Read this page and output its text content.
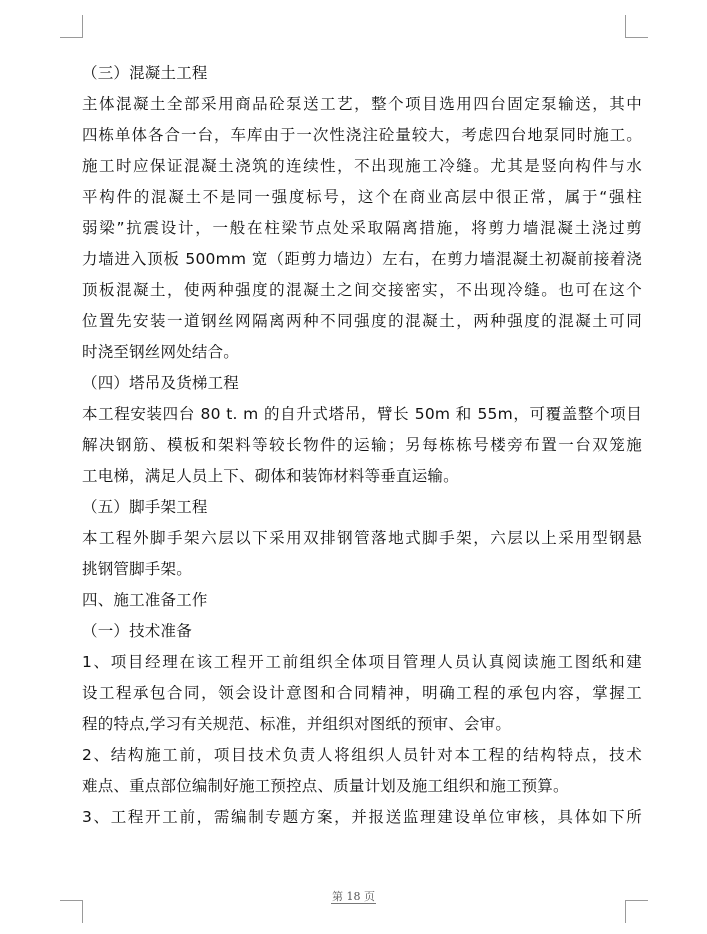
（三）混凝土工程
主体混凝土全部采用商品砼泵送工艺，整个项目选用四台固定泵输送，其中
四栋单体各合一台，车库由于一次性浇注砼量较大，考虑四台地泵同时施工。
施工时应保证混凝土浇筑的连续性，不出现施工冷缝。尤其是竖向构件与水
平构件的混凝土不是同一强度标号，这个在商业高层中很正常，属于“强柱
弱梁”抗震设计，一般在柱梁节点处采取隔离措施，将剪力墙混凝土浇过剪
力墙进入顶板 500mm 宽（距剪力墙边）左右，在剪力墙混凝土初凝前接着浇
顶板混凝土，使两种强度的混凝土之间交接密实，不出现冷缝。也可在这个
位置先安装一道钢丝网隔离两种不同强度的混凝土，两种强度的混凝土可同
时浇至钢丝网处结合。
（四）塔吊及货梯工程
本工程安装四台 80 t. m 的自升式塔吊，臂长 50m 和 55m，可覆盖整个项目
解决钢筋、模板和架料等较长物件的运输；另每栋栋号楼旁布置一台双笼施
工电梯，满足人员上下、砌体和装饰材料等垂直运输。
（五）脚手架工程
本工程外脚手架六层以下采用双排钢管落地式脚手架，六层以上采用型钢悬
挑钢管脚手架。
四、施工准备工作
（一）技术准备
1、项目经理在该工程开工前组织全体项目管理人员认真阅读施工图纸和建
设工程承包合同，领会设计意图和合同精神，明确工程的承包内容，掌握工
程的特点,学习有关规范、标准，并组织对图纸的预审、会审。
2、结构施工前，项目技术负责人将组织人员针对本工程的结构特点，技术
难点、重点部位编制好施工预控点、质量计划及施工组织和施工预算。
3、工程开工前，需编制专题方案，并报送监理建设单位审核，具体如下所
第 18 页
